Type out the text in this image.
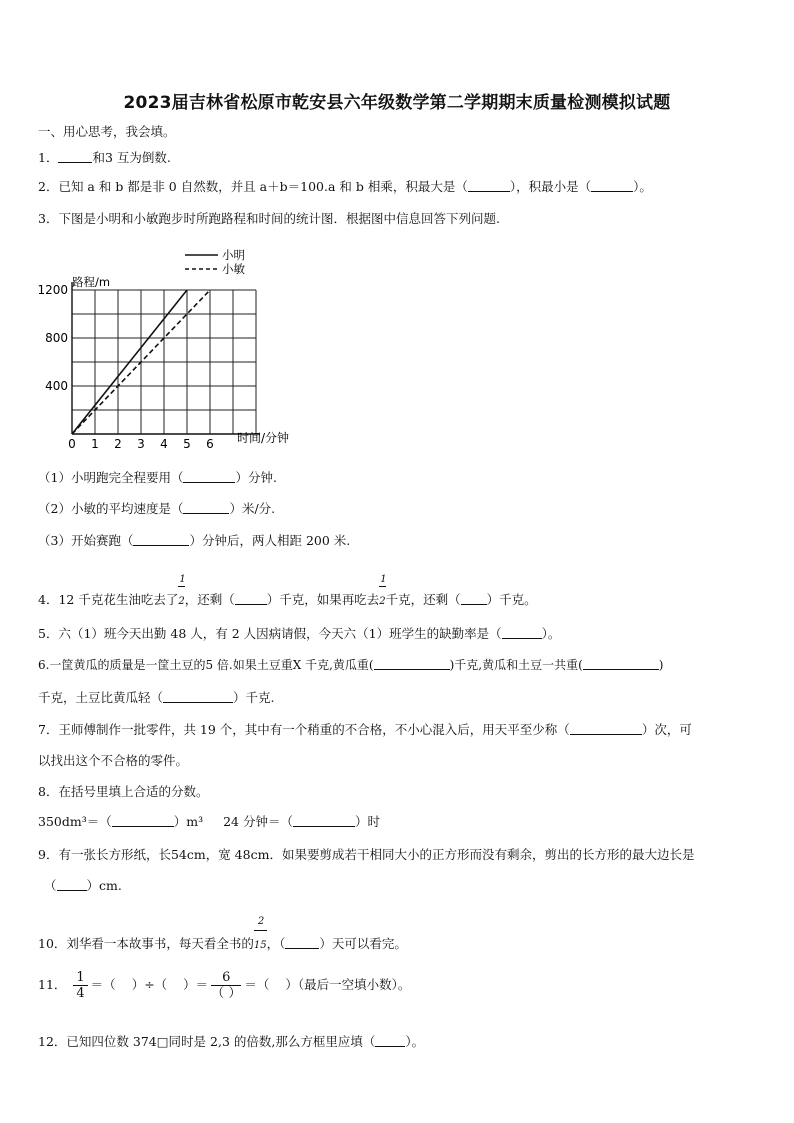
2023届吉林省松原市乾安县六年级数学第二学期期末质量检测模拟试题
一、用心思考，我会填。
1．	和3 互为倒数.
2．已知 a 和 b 都是非 0 自然数，并且 a＋b＝100.a 和 b 相乘，积最大是（	），积最小是（	）。
3．下图是小明和小敏跑步时所跑路程和时间的统计图．根据图中信息回答下列问题.
0 1 2 3 4 5 6
400
800
1200
小明
小敏
路程/m
时间/分钟
（1）小明跑完全程要用（	）分钟.
（2）小敏的平均速度是（	）米/分.
（3）开始赛跑（	）分钟后，两人相距 200 米.
4．12 千克花生油吃去了 $\frac{1}{2}$，还剩（	）千克，如果再吃去 $\frac{1}{2}$千克，还剩（ ）千克。
5．六（1）班今天出勤 48 人，有 2 人因病请假，今天六（1）班学生的缺勤率是（	）。
6.一筐黄瓜的质量是一筐土豆的5 倍.如果土豆重X 千克,黄瓜重(	)千克,黄瓜和土豆一共重(	)
千克，土豆比黄瓜轻（	）千克.
7．王师傅制作一批零件，共 19 个，其中有一个稍重的不合格，不小心混入后，用天平至少称（	）次，可
以找出这个不合格的零件。
8．在括号里填上合适的分数。
350dm³＝（	）m³ 24 分钟＝（	）时
9．有一张长方形纸，长54cm，宽 48cm．如果要剪成若干相同大小的正方形而没有剩余，剪出的长方形的最大边长是
（ ）cm.
10．刘华看一本故事书，每天看全书的 $\frac{2}{15}$，（	）天可以看完。
11． $\frac{1}{4}$ ＝（ ）÷（ ）＝ $\frac{6}{( )}$ ＝（ ）（最后一空填小数）。
12．已知四位数 374□同时是 2,3 的倍数,那么方框里应填（ ）。
